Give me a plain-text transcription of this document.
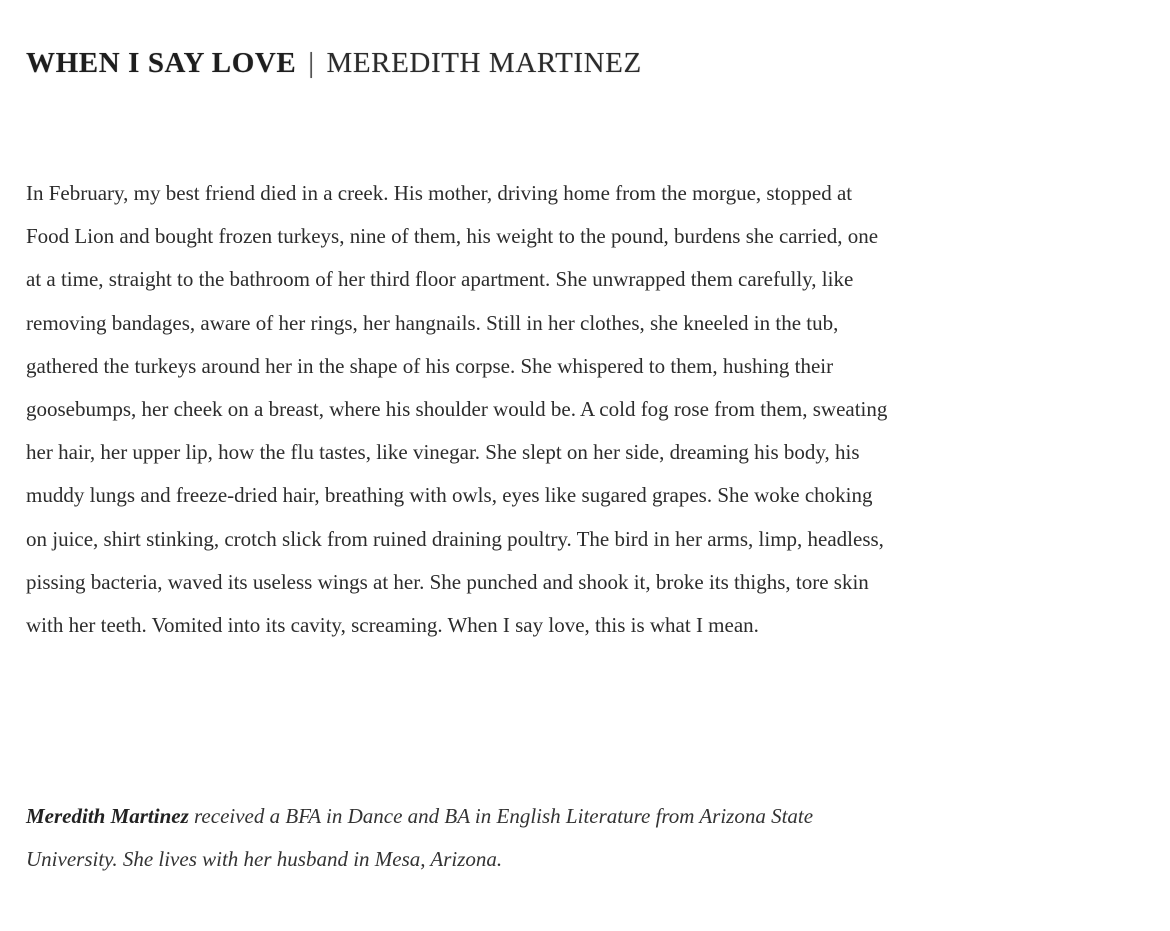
WHEN I SAY LOVE | MEREDITH MARTINEZ
In February, my best friend died in a creek. His mother, driving home from the morgue, stopped at
Food Lion and bought frozen turkeys, nine of them, his weight to the pound, burdens she carried, one
at a time, straight to the bathroom of her third floor apartment. She unwrapped them carefully, like
removing bandages, aware of her rings, her hangnails. Still in her clothes, she kneeled in the tub,
gathered the turkeys around her in the shape of his corpse. She whispered to them, hushing their
goosebumps, her cheek on a breast, where his shoulder would be. A cold fog rose from them, sweating
her hair, her upper lip, how the flu tastes, like vinegar. She slept on her side, dreaming his body, his
muddy lungs and freeze-dried hair, breathing with owls, eyes like sugared grapes. She woke choking
on juice, shirt stinking, crotch slick from ruined draining poultry. The bird in her arms, limp, headless,
pissing bacteria, waved its useless wings at her. She punched and shook it, broke its thighs, tore skin
with her teeth. Vomited into its cavity, screaming. When I say love, this is what I mean.
Meredith Martinez received a BFA in Dance and BA in English Literature from Arizona State
University. She lives with her husband in Mesa, Arizona.
